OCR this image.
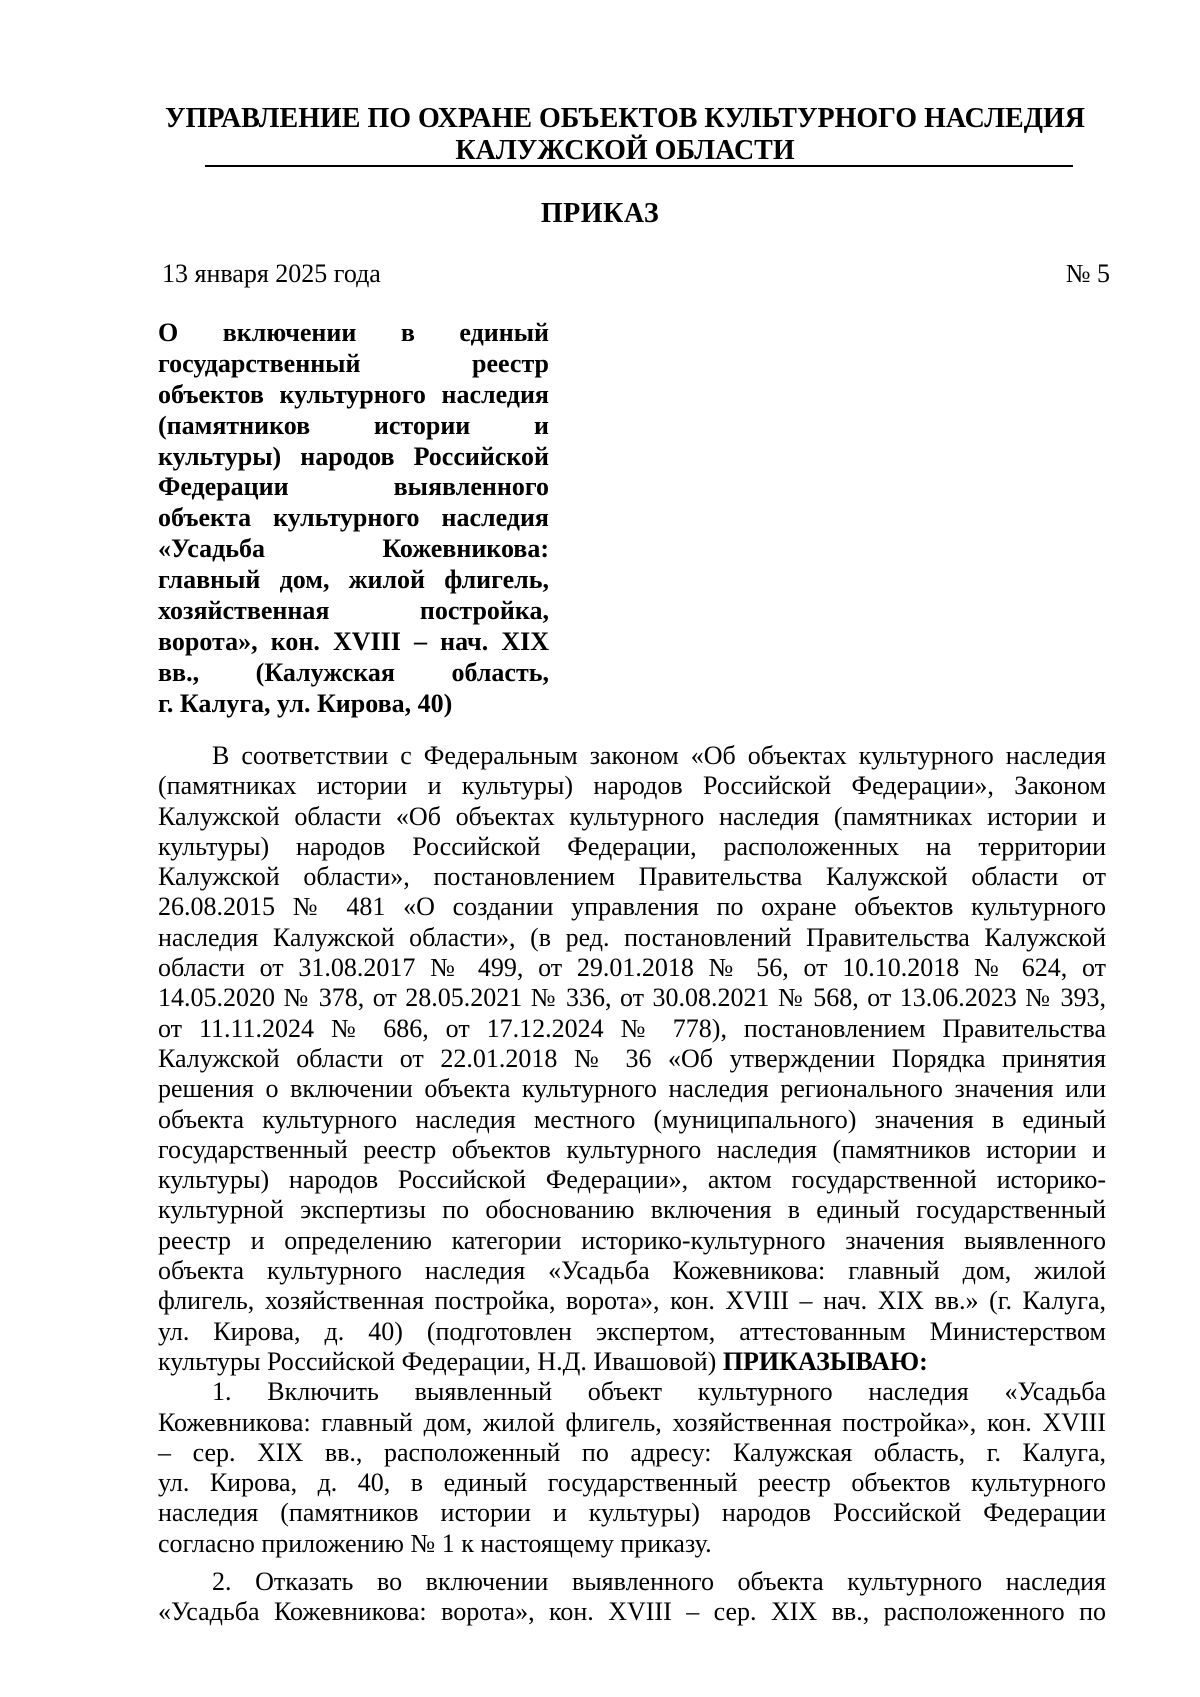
УПРАВЛЕНИЕ ПО ОХРАНЕ ОБЪЕКТОВ КУЛЬТУРНОГО НАСЛЕДИЯ
КАЛУЖСКОЙ ОБЛАСТИ
ПРИКАЗ
13 января 2025 года	№ 5
О включении в единый
государственный реестр
объектов культурного наследия
(памятников истории и
культуры) народов Российской
Федерации выявленного
объекта культурного наследия
«Усадьба Кожевникова:
главный дом, жилой флигель,
хозяйственная постройка,
ворота», кон. XVIII – нач. XIX
вв., (Калужская область,
г. Калуга, ул. Кирова, 40)
В соответствии с Федеральным законом «Об объектах культурного наследия
(памятниках истории и культуры) народов Российской Федерации», Законом
Калужской области «Об объектах культурного наследия (памятниках истории и
культуры) народов Российской Федерации, расположенных на территории
Калужской области», постановлением Правительства Калужской области от
26.08.2015 № 481 «О создании управления по охране объектов культурного
наследия Калужской области», (в ред. постановлений Правительства Калужской
области от 31.08.2017 № 499, от 29.01.2018 № 56, от 10.10.2018 № 624, от
14.05.2020 № 378, от 28.05.2021 № 336, от 30.08.2021 № 568, от 13.06.2023 № 393,
от 11.11.2024 № 686, от 17.12.2024 № 778), постановлением Правительства
Калужской области от 22.01.2018 № 36 «Об утверждении Порядка принятия
решения о включении объекта культурного наследия регионального значения или
объекта культурного наследия местного (муниципального) значения в единый
государственный реестр объектов культурного наследия (памятников истории и
культуры) народов Российской Федерации», актом государственной историко-
культурной экспертизы по обоснованию включения в единый государственный
реестр и определению категории историко-культурного значения выявленного
объекта культурного наследия «Усадьба Кожевникова: главный дом, жилой
флигель, хозяйственная постройка, ворота», кон. XVIII – нач. XIX вв.» (г. Калуга,
ул. Кирова, д. 40) (подготовлен экспертом, аттестованным Министерством
культуры Российской Федерации, Н.Д. Ивашовой) ПРИКАЗЫВАЮ:
1. Включить выявленный объект культурного наследия «Усадьба
Кожевникова: главный дом, жилой флигель, хозяйственная постройка», кон. XVIII
– сер. XIX вв., расположенный по адресу: Калужская область, г. Калуга,
ул. Кирова, д. 40, в единый государственный реестр объектов культурного
наследия (памятников истории и культуры) народов Российской Федерации
согласно приложению № 1 к настоящему приказу.
2. Отказать во включении выявленного объекта культурного наследия
«Усадьба Кожевникова: ворота», кон. XVIII – сер. XIX вв., расположенного по
